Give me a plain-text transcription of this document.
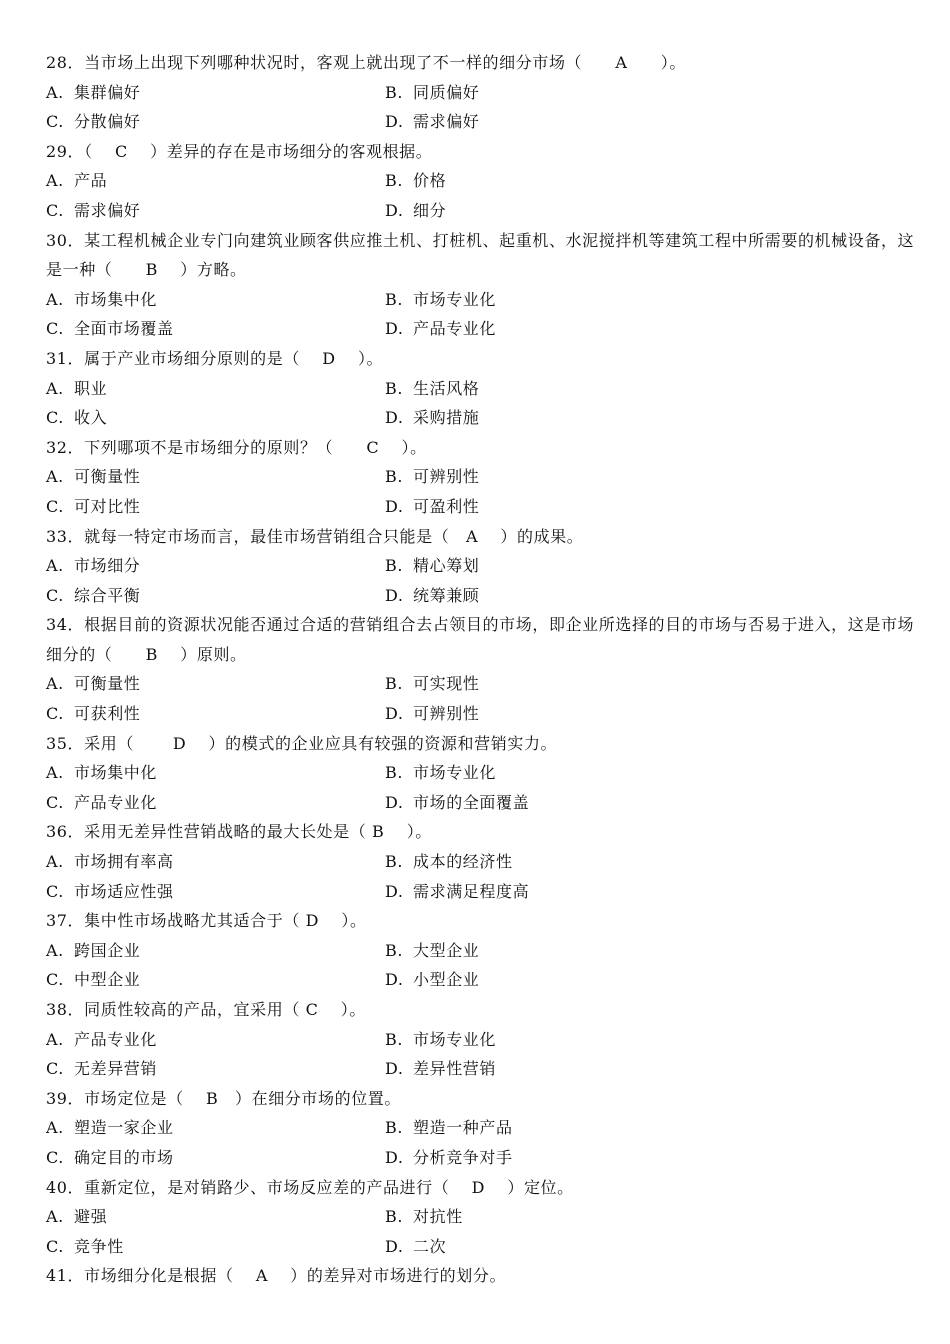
28．当市场上出现下列哪种状况时，客观上就出现了不一样的细分市场（　　A　　）。

A. 集群偏好	B. 同质偏好
C. 分散偏好	D. 需求偏好

29．（　 C　 ）差异的存在是市场细分的客观根据。

A. 产品	B. 价格
C. 需求偏好	D. 细分

30．某工程机械企业专门向建筑业顾客供应推土机、打桩机、起重机、水泥搅拌机等建筑工程中所需要的机械设备，这是一种（　　B　 ）方略。

A. 市场集中化	B. 市场专业化
C. 全面市场覆盖	D. 产品专业化

31．属于产业市场细分原则的是（　 D　 ）。

A. 职业	B. 生活风格
C. 收入	D. 采购措施

32．下列哪项不是市场细分的原则？（　　C　 ）。

A. 可衡量性	B. 可辨别性
C. 可对比性	D. 可盈利性

33．就每一特定市场而言，最佳市场营销组合只能是（　A　 ）的成果。

A. 市场细分	B. 精心筹划
C. 综合平衡	D. 统筹兼顾

34．根据目前的资源状况能否通过合适的营销组合去占领目的市场，即企业所选择的目的市场与否易于进入，这是市场细分的（　　B　 ）原则。

A. 可衡量性	B. 可实现性
C. 可获利性	D. 可辨别性

35．采用（　　 D　 ）的模式的企业应具有较强的资源和营销实力。

A. 市场集中化	B. 市场专业化
C. 产品专业化	D. 市场的全面覆盖

36．采用无差异性营销战略的最大长处是（ B　 ）。

A. 市场拥有率高	B. 成本的经济性
C. 市场适应性强	D. 需求满足程度高

37．集中性市场战略尤其适合于（ D　 ）。

A. 跨国企业	B. 大型企业
C. 中型企业	D. 小型企业

38．同质性较高的产品，宜采用（ C　 ）。

A. 产品专业化	B. 市场专业化
C. 无差异营销	D. 差异性营销

39．市场定位是（　 B　）在细分市场的位置。

A. 塑造一家企业	B. 塑造一种产品
C. 确定目的市场	D. 分析竞争对手

40．重新定位，是对销路少、市场反应差的产品进行（　 D　 ）定位。

A. 避强	B. 对抗性
C. 竞争性	D. 二次

41．市场细分化是根据（　 A　 ）的差异对市场进行的划分。
